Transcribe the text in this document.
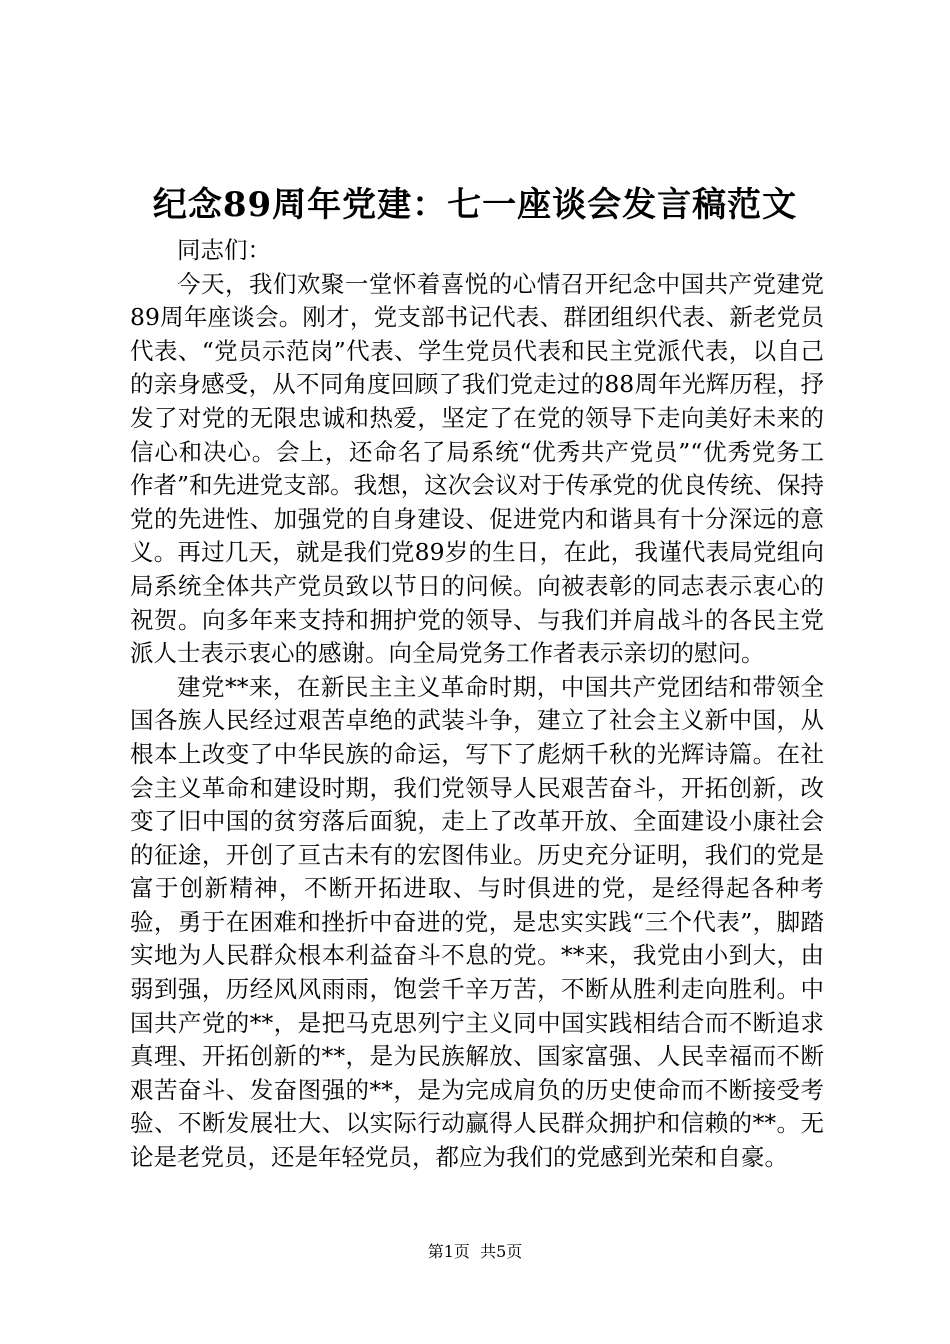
纪念89周年党建：七一座谈会发言稿范文

同志们：

今天，我们欢聚一堂怀着喜悦的心情召开纪念中国共产党建党89周年座谈会。刚才，党支部书记代表、群团组织代表、新老党员代表、“党员示范岗”代表、学生党员代表和民主党派代表，以自己的亲身感受，从不同角度回顾了我们党走过的88周年光辉历程，抒发了对党的无限忠诚和热爱，坚定了在党的领导下走向美好未来的信心和决心。会上，还命名了局系统“优秀共产党员”“优秀党务工作者”和先进党支部。我想，这次会议对于传承党的优良传统、保持党的先进性、加强党的自身建设、促进党内和谐具有十分深远的意义。再过几天，就是我们党89岁的生日，在此，我谨代表局党组向局系统全体共产党员致以节日的问候。向被表彰的同志表示衷心的祝贺。向多年来支持和拥护党的领导、与我们并肩战斗的各民主党派人士表示衷心的感谢。向全局党务工作者表示亲切的慰问。

建党**来，在新民主主义革命时期，中国共产党团结和带领全国各族人民经过艰苦卓绝的武装斗争，建立了社会主义新中国，从根本上改变了中华民族的命运，写下了彪炳千秋的光辉诗篇。在社会主义革命和建设时期，我们党领导人民艰苦奋斗，开拓创新，改变了旧中国的贫穷落后面貌，走上了改革开放、全面建设小康社会的征途，开创了亘古未有的宏图伟业。历史充分证明，我们的党是富于创新精神，不断开拓进取、与时俱进的党，是经得起各种考验，勇于在困难和挫折中奋进的党，是忠实实践“三个代表”，脚踏实地为人民群众根本利益奋斗不息的党。**来，我党由小到大，由弱到强，历经风风雨雨，饱尝千辛万苦，不断从胜利走向胜利。中国共产党的**，是把马克思列宁主义同中国实践相结合而不断追求真理、开拓创新的**，是为民族解放、国家富强、人民幸福而不断艰苦奋斗、发奋图强的**，是为完成肩负的历史使命而不断接受考验、不断发展壮大、以实际行动赢得人民群众拥护和信赖的**。无论是老党员，还是年轻党员，都应为我们的党感到光荣和自豪。

第1页  共5页
